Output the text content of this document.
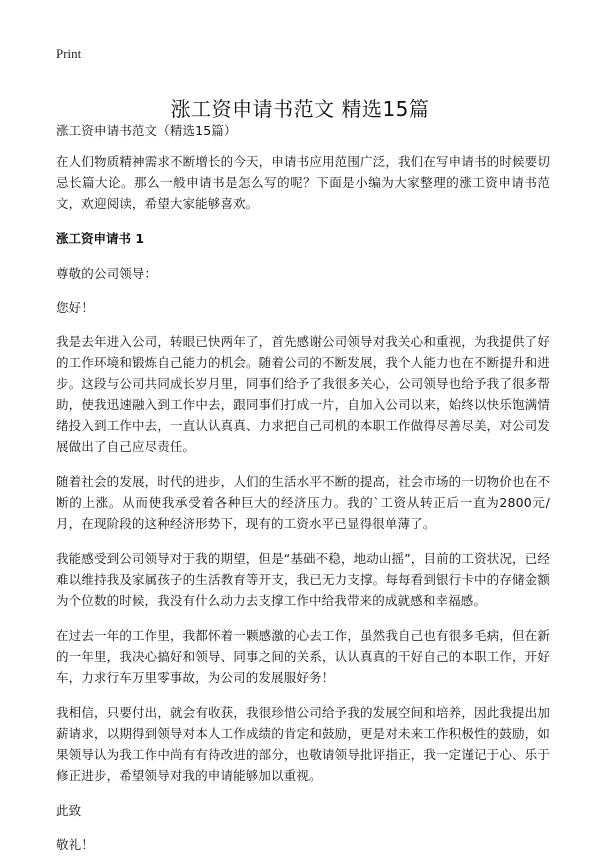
Print
涨工资申请书范文 精选15篇

涨工资申请书范文（精选15篇）

在人们物质精神需求不断增长的今天，申请书应用范围广泛，我们在写申请书的时候要切忌长篇大论。那么一般申请书是怎么写的呢？下面是小编为大家整理的涨工资申请书范文，欢迎阅读，希望大家能够喜欢。

涨工资申请书 1

尊敬的公司领导：

您好！

我是去年进入公司，转眼已快两年了，首先感谢公司领导对我关心和重视，为我提供了好的工作环境和锻炼自己能力的机会。随着公司的不断发展，我个人能力也在不断提升和进步。这段与公司共同成长岁月里，同事们给予了我很多关心，公司领导也给予我了很多帮助，使我迅速融入到工作中去，跟同事们打成一片，自加入公司以来，始终以快乐饱满情绪投入到工作中去，一直认认真真、力求把自己司机的本职工作做得尽善尽美，对公司发展做出了自己应尽责任。

随着社会的发展，时代的进步，人们的生活水平不断的提高，社会市场的一切物价也在不断的上涨。从而使我承受着各种巨大的经济压力。我的`工资从转正后一直为2800元/月，在现阶段的这种经济形势下，现有的工资水平已显得很单薄了。

我能感受到公司领导对于我的期望，但是“基础不稳，地动山摇”，目前的工资状况，已经难以维持我及家属孩子的生活教育等开支，我已无力支撑。每每看到银行卡中的存储金额为个位数的时候，我没有什么动力去支撑工作中给我带来的成就感和幸福感。

在过去一年的工作里，我都怀着一颗感激的心去工作，虽然我自己也有很多毛病，但在新的一年里，我决心搞好和领导、同事之间的关系，认认真真的干好自己的本职工作，开好车，力求行车万里零事故，为公司的发展服好务！

我相信，只要付出，就会有收获，我很珍惜公司给予我的发展空间和培养，因此我提出加薪请求，以期得到领导对本人工作成绩的肯定和鼓励，更是对未来工作积极性的鼓励，如果领导认为我工作中尚有有待改进的部分，也敬请领导批评指正，我一定谨记于心、乐于修正进步，希望领导对我的申请能够加以重视。

此致

敬礼！
